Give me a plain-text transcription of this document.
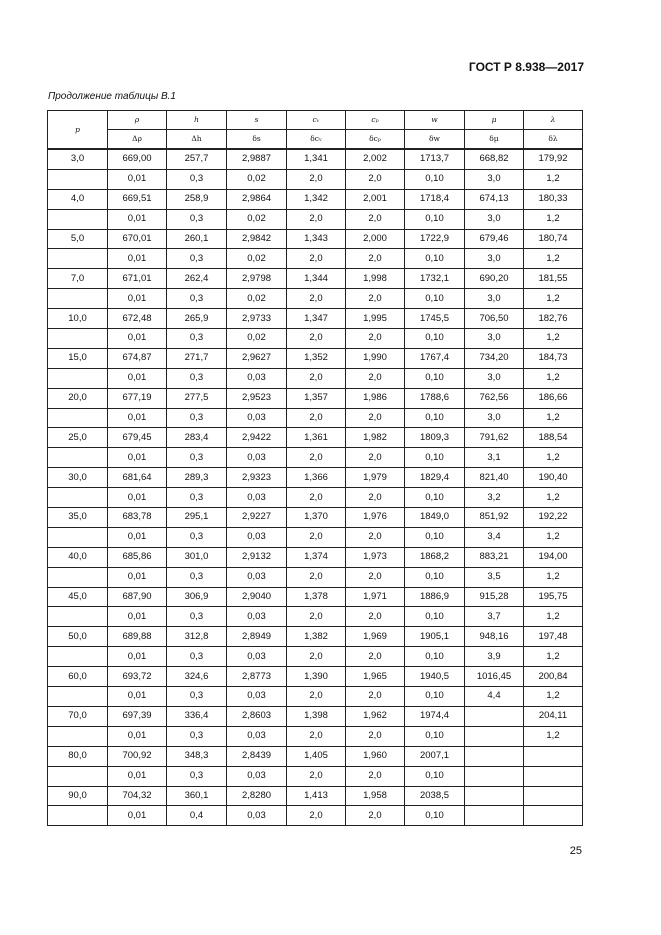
ГОСТ Р 8.938—2017
Продолжение таблицы В.1
p	ρ	h	s	cᵥ	cₚ	w	μ	λ
	Δρ	Δh	δs	δcᵥ	δcₚ	δw	δμ	δλ
3,0	669,00	257,7	2,9887	1,341	2,002	1713,7	668,82	179,92
	0,01	0,3	0,02	2,0	2,0	0,10	3,0	1,2
4,0	669,51	258,9	2,9864	1,342	2,001	1718,4	674,13	180,33
	0,01	0,3	0,02	2,0	2,0	0,10	3,0	1,2
5,0	670,01	260,1	2,9842	1,343	2,000	1722,9	679,46	180,74
	0,01	0,3	0,02	2,0	2,0	0,10	3,0	1,2
7,0	671,01	262,4	2,9798	1,344	1,998	1732,1	690,20	181,55
	0,01	0,3	0,02	2,0	2,0	0,10	3,0	1,2
10,0	672,48	265,9	2,9733	1,347	1,995	1745,5	706,50	182,76
	0,01	0,3	0,02	2,0	2,0	0,10	3,0	1,2
15,0	674,87	271,7	2,9627	1,352	1,990	1767,4	734,20	184,73
	0,01	0,3	0,03	2,0	2,0	0,10	3,0	1,2
20,0	677,19	277,5	2,9523	1,357	1,986	1788,6	762,56	186,66
	0,01	0,3	0,03	2,0	2,0	0,10	3,0	1,2
25,0	679,45	283,4	2,9422	1,361	1,982	1809,3	791,62	188,54
	0,01	0,3	0,03	2,0	2,0	0,10	3,1	1,2
30,0	681,64	289,3	2,9323	1,366	1,979	1829,4	821,40	190,40
	0,01	0,3	0,03	2,0	2,0	0,10	3,2	1,2
35,0	683,78	295,1	2,9227	1,370	1,976	1849,0	851,92	192,22
	0,01	0,3	0,03	2,0	2,0	0,10	3,4	1,2
40,0	685,86	301,0	2,9132	1,374	1,973	1868,2	883,21	194,00
	0,01	0,3	0,03	2,0	2,0	0,10	3,5	1,2
45,0	687,90	306,9	2,9040	1,378	1,971	1886,9	915,28	195,75
	0,01	0,3	0,03	2,0	2,0	0,10	3,7	1,2
50,0	689,88	312,8	2,8949	1,382	1,969	1905,1	948,16	197,48
	0,01	0,3	0,03	2,0	2,0	0,10	3,9	1,2
60,0	693,72	324,6	2,8773	1,390	1,965	1940,5	1016,45	200,84
	0,01	0,3	0,03	2,0	2,0	0,10	4,4	1,2
70,0	697,39	336,4	2,8603	1,398	1,962	1974,4		204,11
	0,01	0,3	0,03	2,0	2,0	0,10		1,2
80,0	700,92	348,3	2,8439	1,405	1,960	2007,1		
	0,01	0,3	0,03	2,0	2,0	0,10		
90,0	704,32	360,1	2,8280	1,413	1,958	2038,5		
	0,01	0,4	0,03	2,0	2,0	0,10		
25
